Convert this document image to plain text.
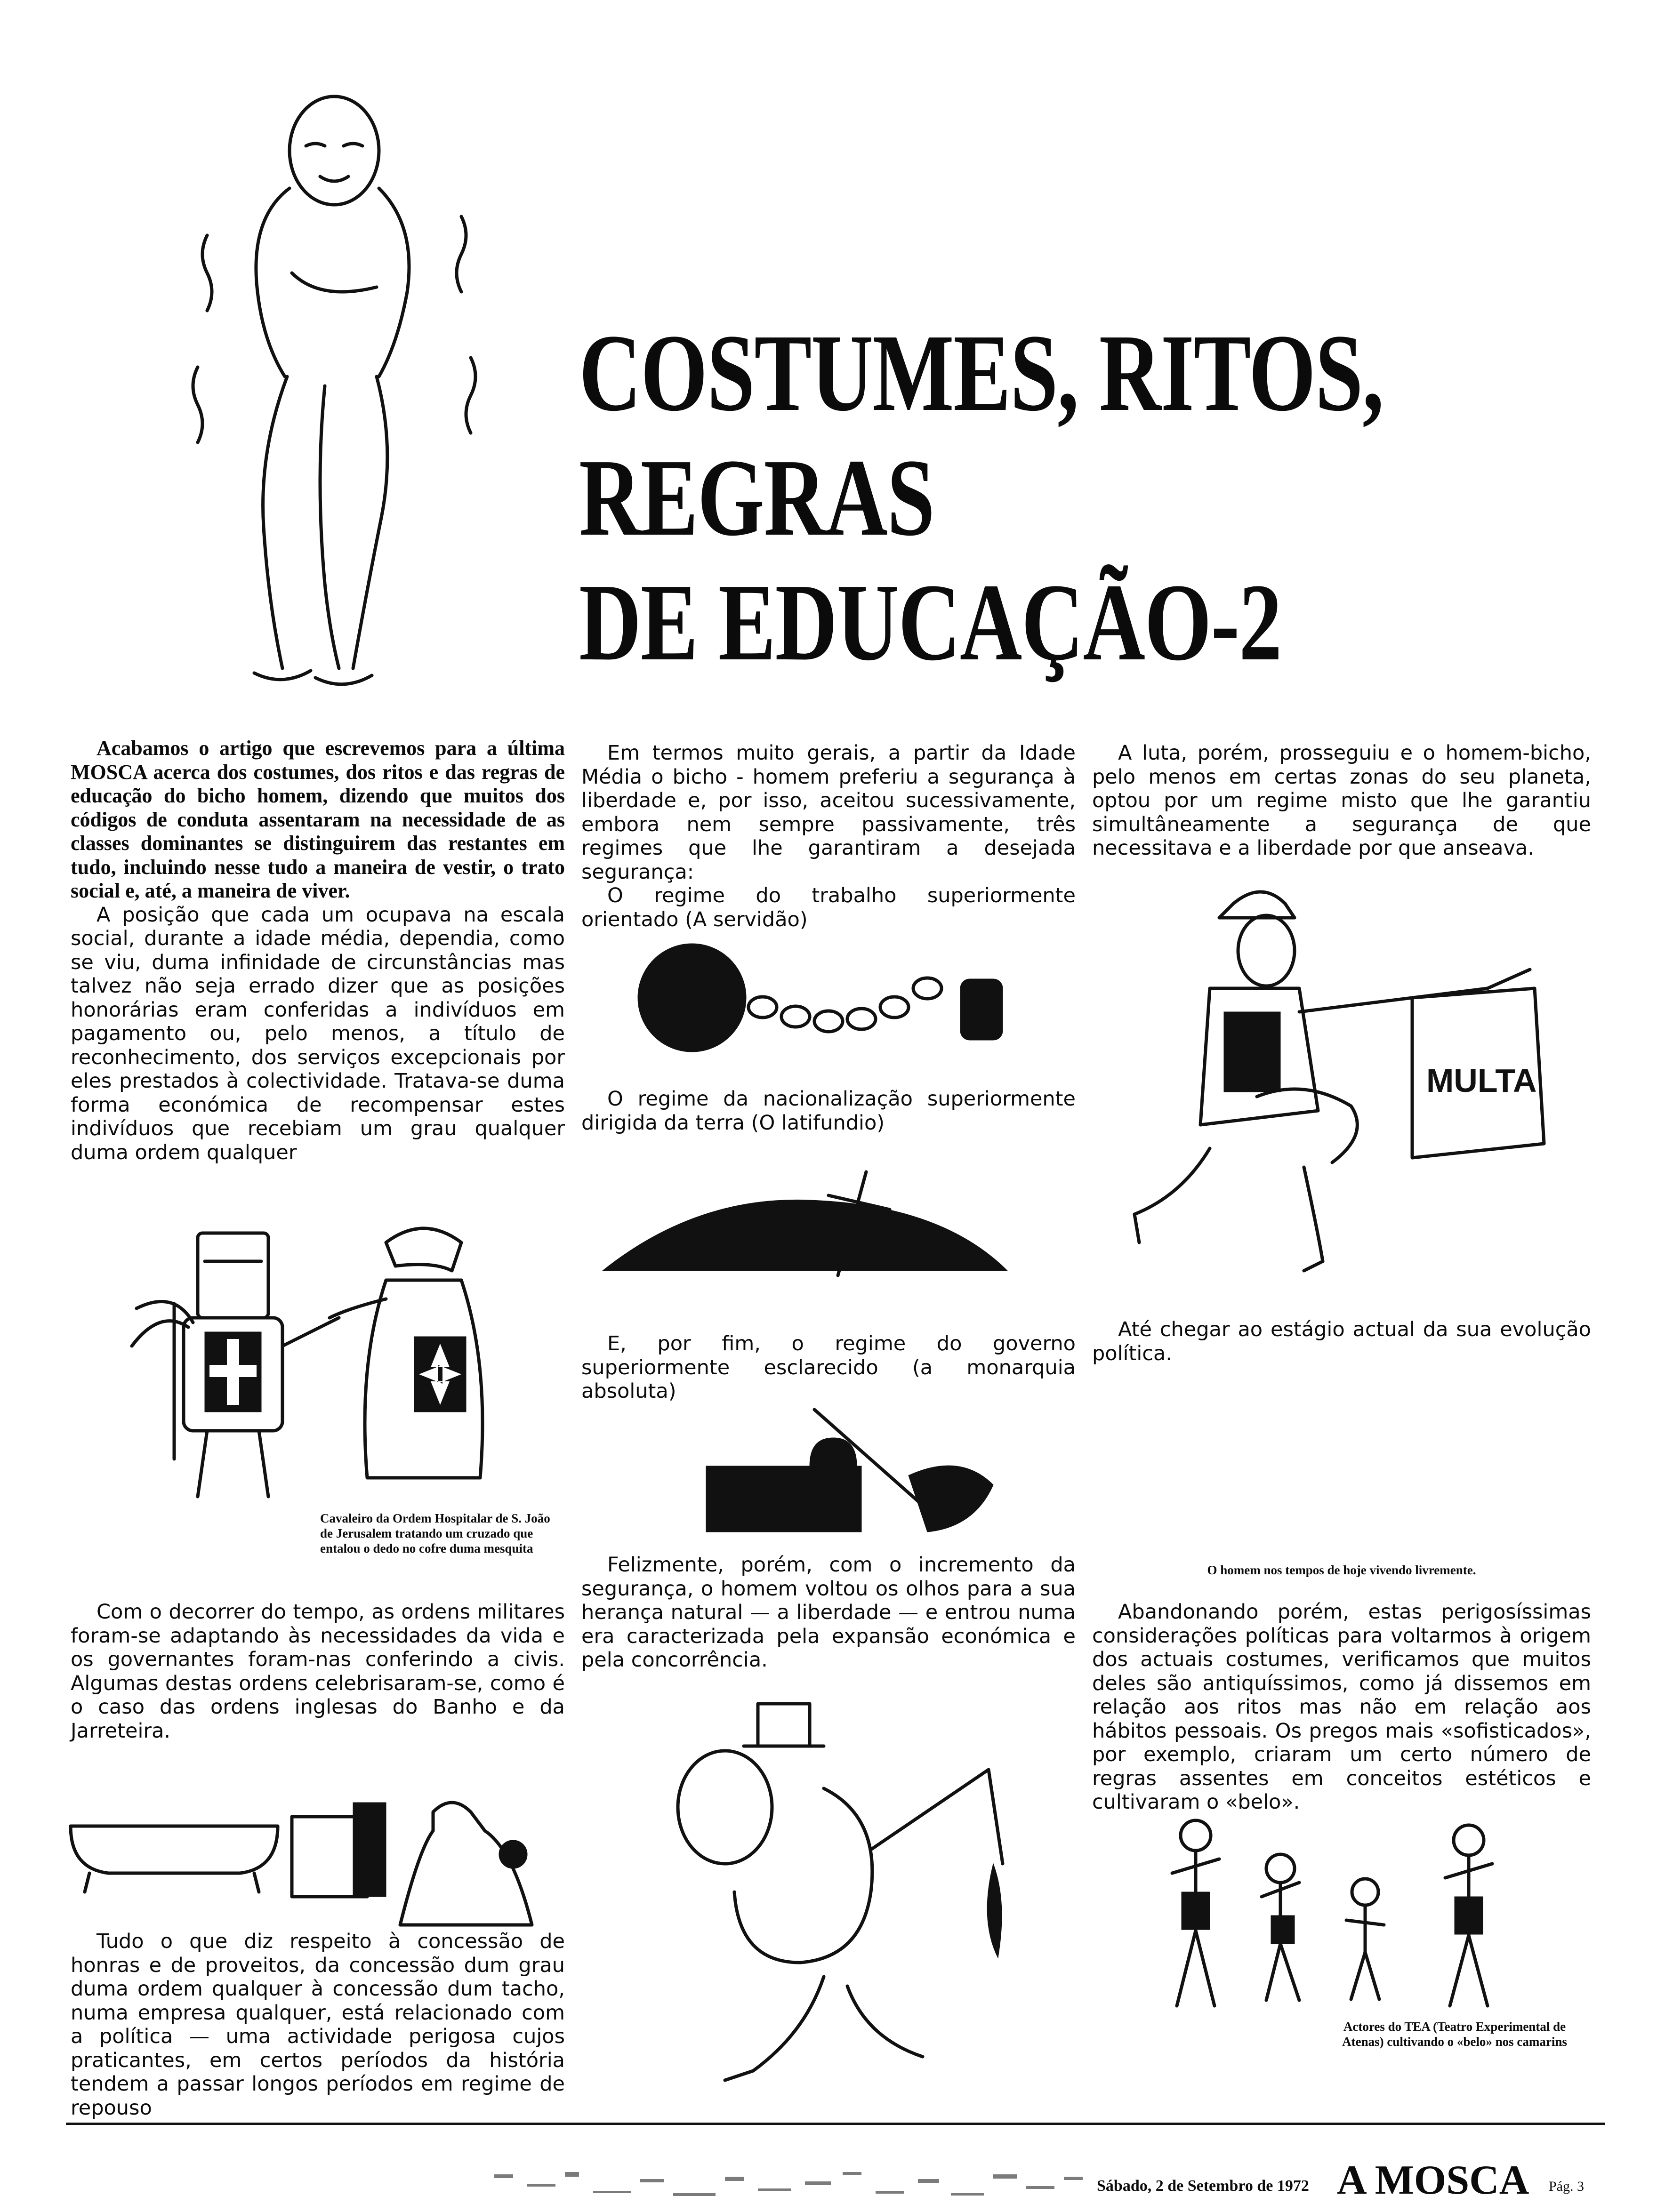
COSTUMES, RITOS,
REGRAS
DE EDUCAÇÃO-2

Acabamos o artigo que escrevemos para a última MOSCA acerca dos costumes, dos ritos e das regras de educação do bicho homem, dizendo que muitos dos códigos de conduta assentaram na necessidade de as classes dominantes se distinguirem das restantes em tudo, incluindo nesse tudo a maneira de vestir, o trato social e, até, a maneira de viver.

A posição que cada um ocupava na escala social, durante a idade média, dependia, como se viu, duma infinidade de circunstâncias mas talvez não seja errado dizer que as posições honorárias eram conferidas a indivíduos em pagamento ou, pelo menos, a título de reconhecimento, dos serviços excepcionais por eles prestados à colectividade. Tratava-se duma forma económica de recompensar estes indivíduos que recebiam um grau qualquer duma ordem qualquer

Cavaleiro da Ordem Hospitalar de S. João de Jerusalem tratando um cruzado que entalou o dedo no cofre duma mesquita

Com o decorrer do tempo, as ordens militares foram-se adaptando às necessidades da vida e os governantes foram-nas conferindo a civis. Algumas destas ordens celebrisaram-se, como é o caso das ordens inglesas do Banho e da Jarreteira.

Tudo o que diz respeito à concessão de honras e de proveitos, da concessão dum grau duma ordem qualquer à concessão dum tacho, numa empresa qualquer, está relacionado com a política — uma actividade perigosa cujos praticantes, em certos períodos da história tendem a passar longos períodos em regime de repouso

Em termos muito gerais, a partir da Idade Média o bicho - homem preferiu a segurança à liberdade e, por isso, aceitou sucessivamente, embora nem sempre passivamente, três regimes que lhe garantiram a desejada segurança:

O regime do trabalho superiormente orientado (A servidão)

O regime da nacionalização superiormente dirigida da terra (O latifundio)

E, por fim, o regime do governo superiormente esclarecido (a monarquia absoluta)

Felizmente, porém, com o incremento da segurança, o homem voltou os olhos para a sua herança natural — a liberdade — e entrou numa era caracterizada pela expansão económica e pela concorrência.

A luta, porém, prosseguiu e o homem-bicho, pelo menos em certas zonas do seu planeta, optou por um regime misto que lhe garantiu simultâneamente a segurança de que necessitava e a liberdade por que anseava.

MULTA

Até chegar ao estágio actual da sua evolução política.

O homem nos tempos de hoje vivendo livremente.

Abandonando porém, estas perigosíssimas considerações políticas para voltarmos à origem dos actuais costumes, verificamos que muitos deles são antiquíssimos, como já dissemos em relação aos ritos mas não em relação aos hábitos pessoais. Os pregos mais «sofisticados», por exemplo, criaram um certo número de regras assentes em conceitos estéticos e cultivaram o «belo».

Actores do TEA (Teatro Experimental de Atenas) cultivando o «belo» nos camarins
Sábado, 2 de Setembro de 1972 A MOSCA Pág. 3
